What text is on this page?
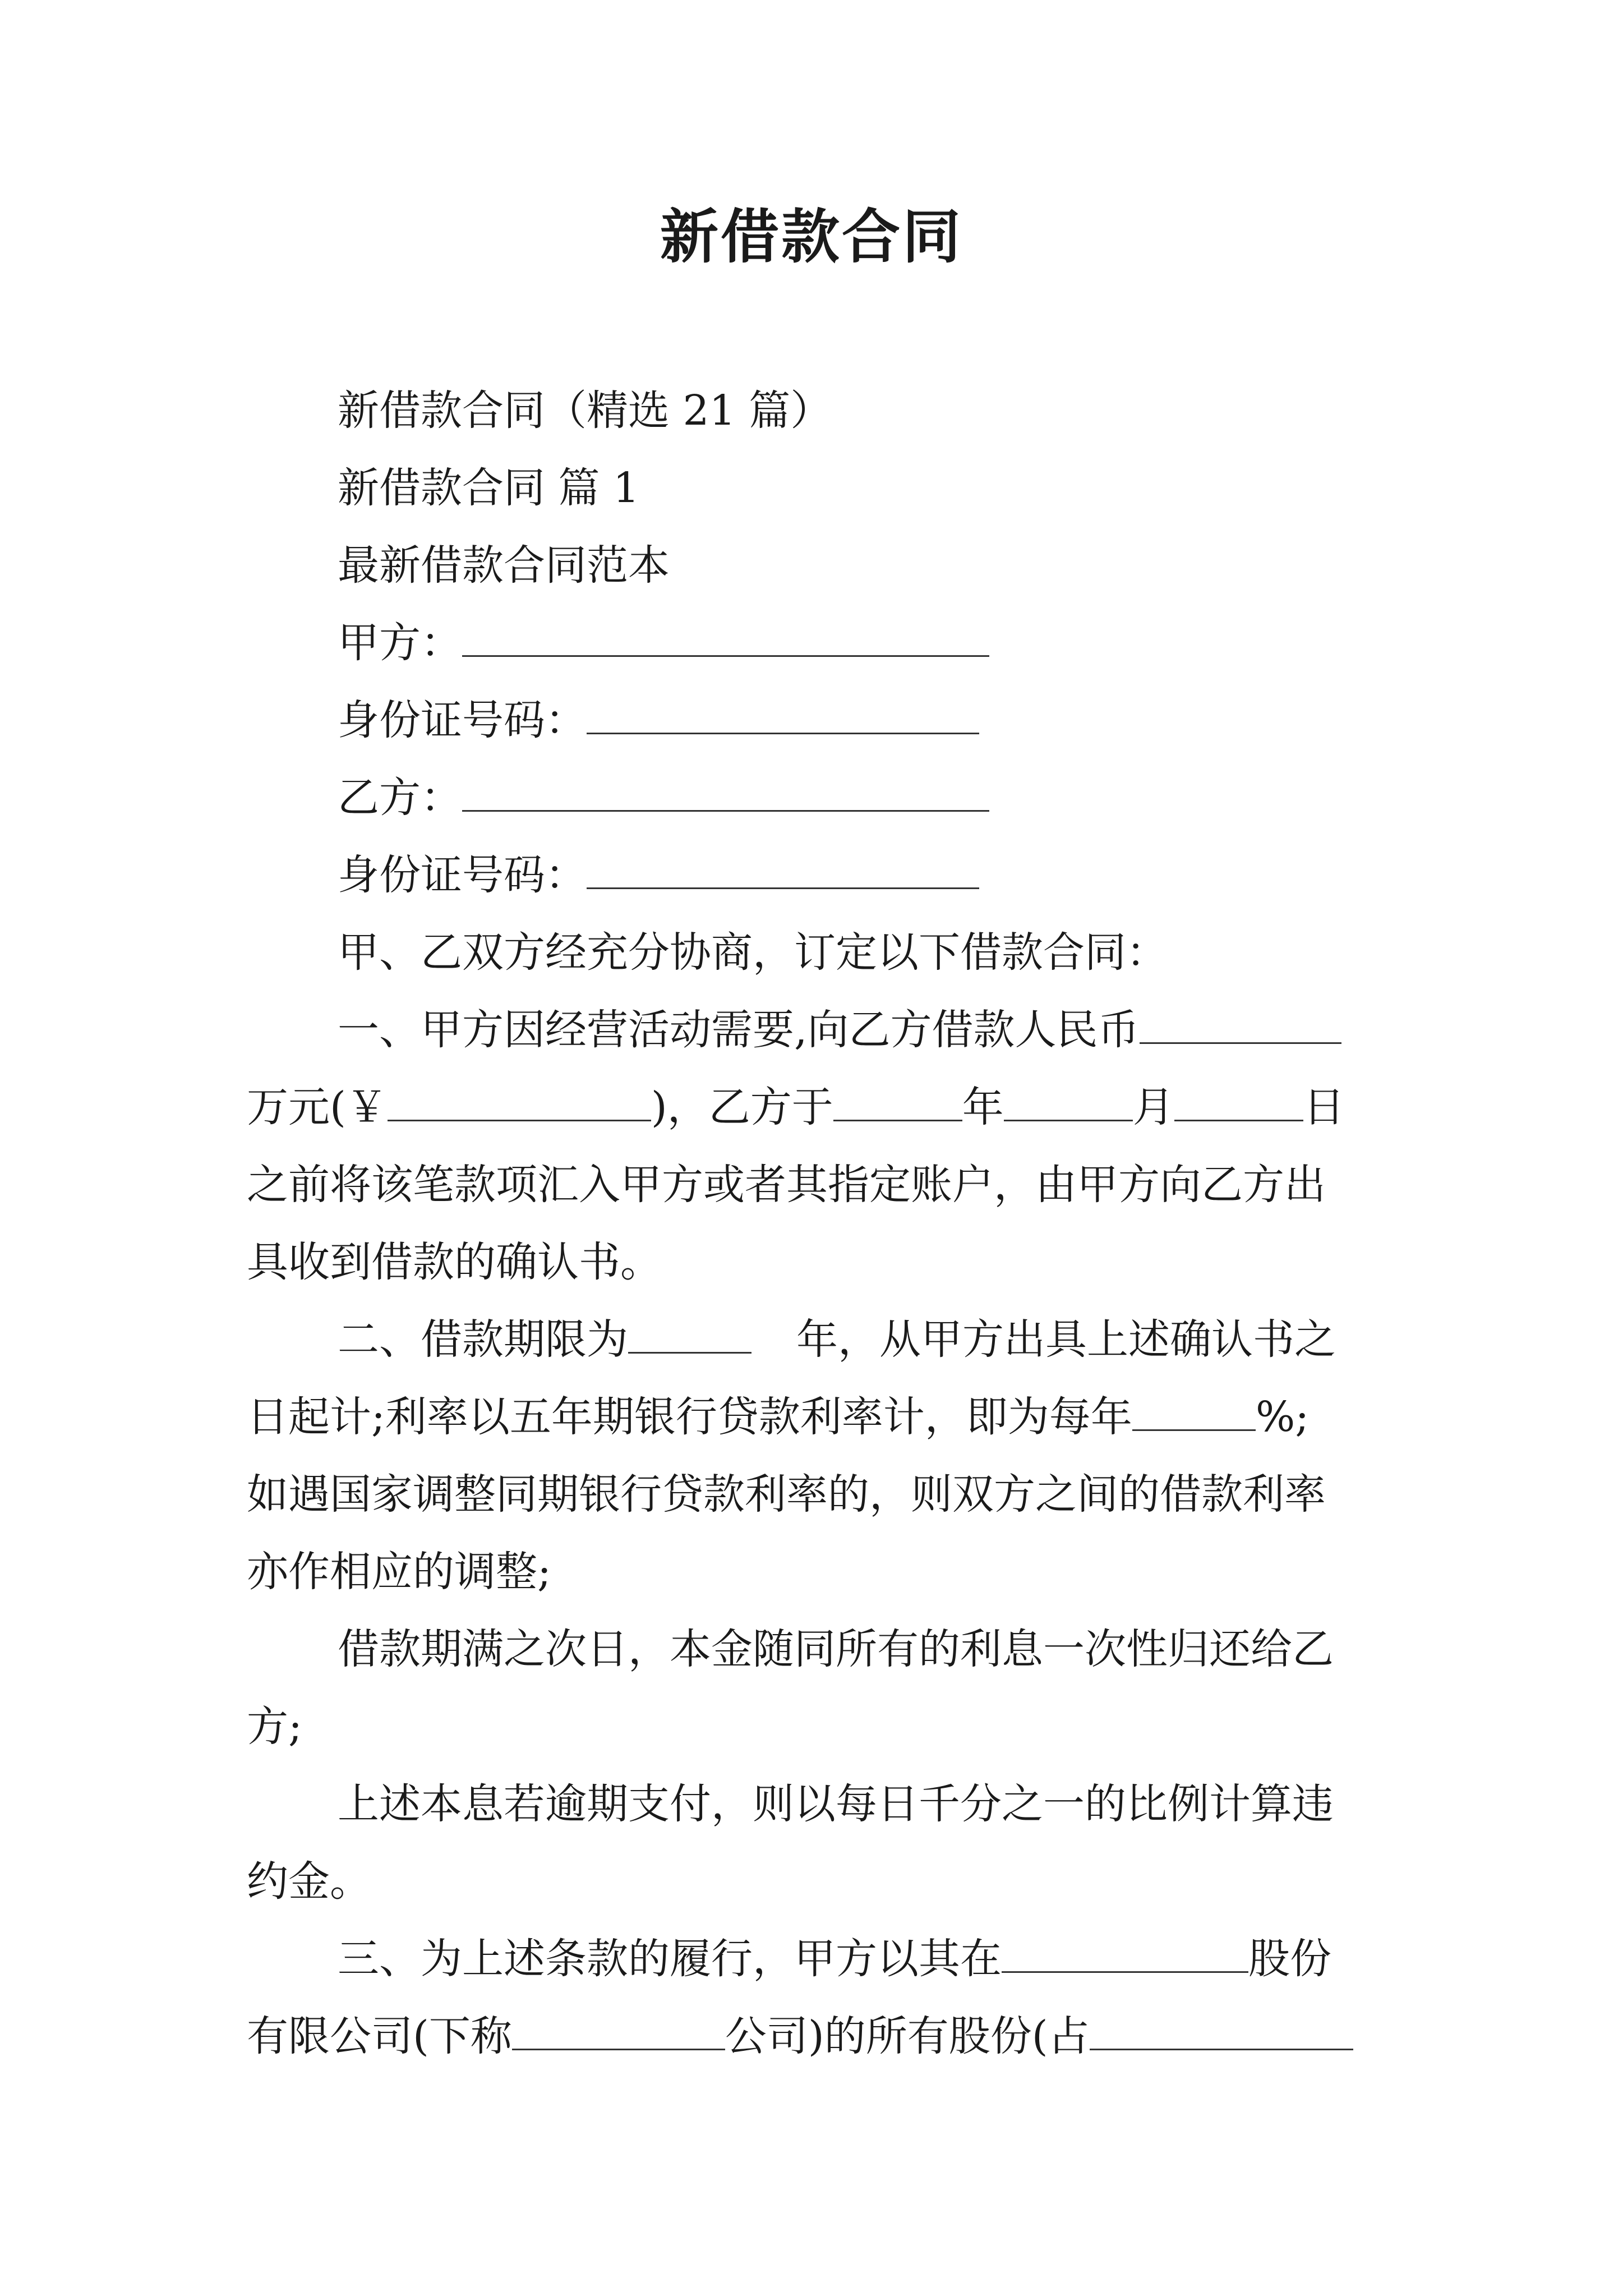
新借款合同
新借款合同（精选 21 篇）
新借款合同 篇 1
最新借款合同范本
甲方：
身份证号码：
乙方：
身份证号码：
甲、乙双方经充分协商，订定以下借款合同：
一、甲方因经营活动需要,向乙方借款人民币
万元(￥	)，乙方于	年	月	日
之前将该笔款项汇入甲方或者其指定账户，由甲方向乙方出
具收到借款的确认书。
二、借款期限为	年，从甲方出具上述确认书之
日起计;利率以五年期银行贷款利率计，即为每年	%;
如遇国家调整同期银行贷款利率的，则双方之间的借款利率
亦作相应的调整;
借款期满之次日，本金随同所有的利息一次性归还给乙
方;
上述本息若逾期支付，则以每日千分之一的比例计算违
约金。
三、为上述条款的履行，甲方以其在	股份
有限公司(下称	公司)的所有股份(占
